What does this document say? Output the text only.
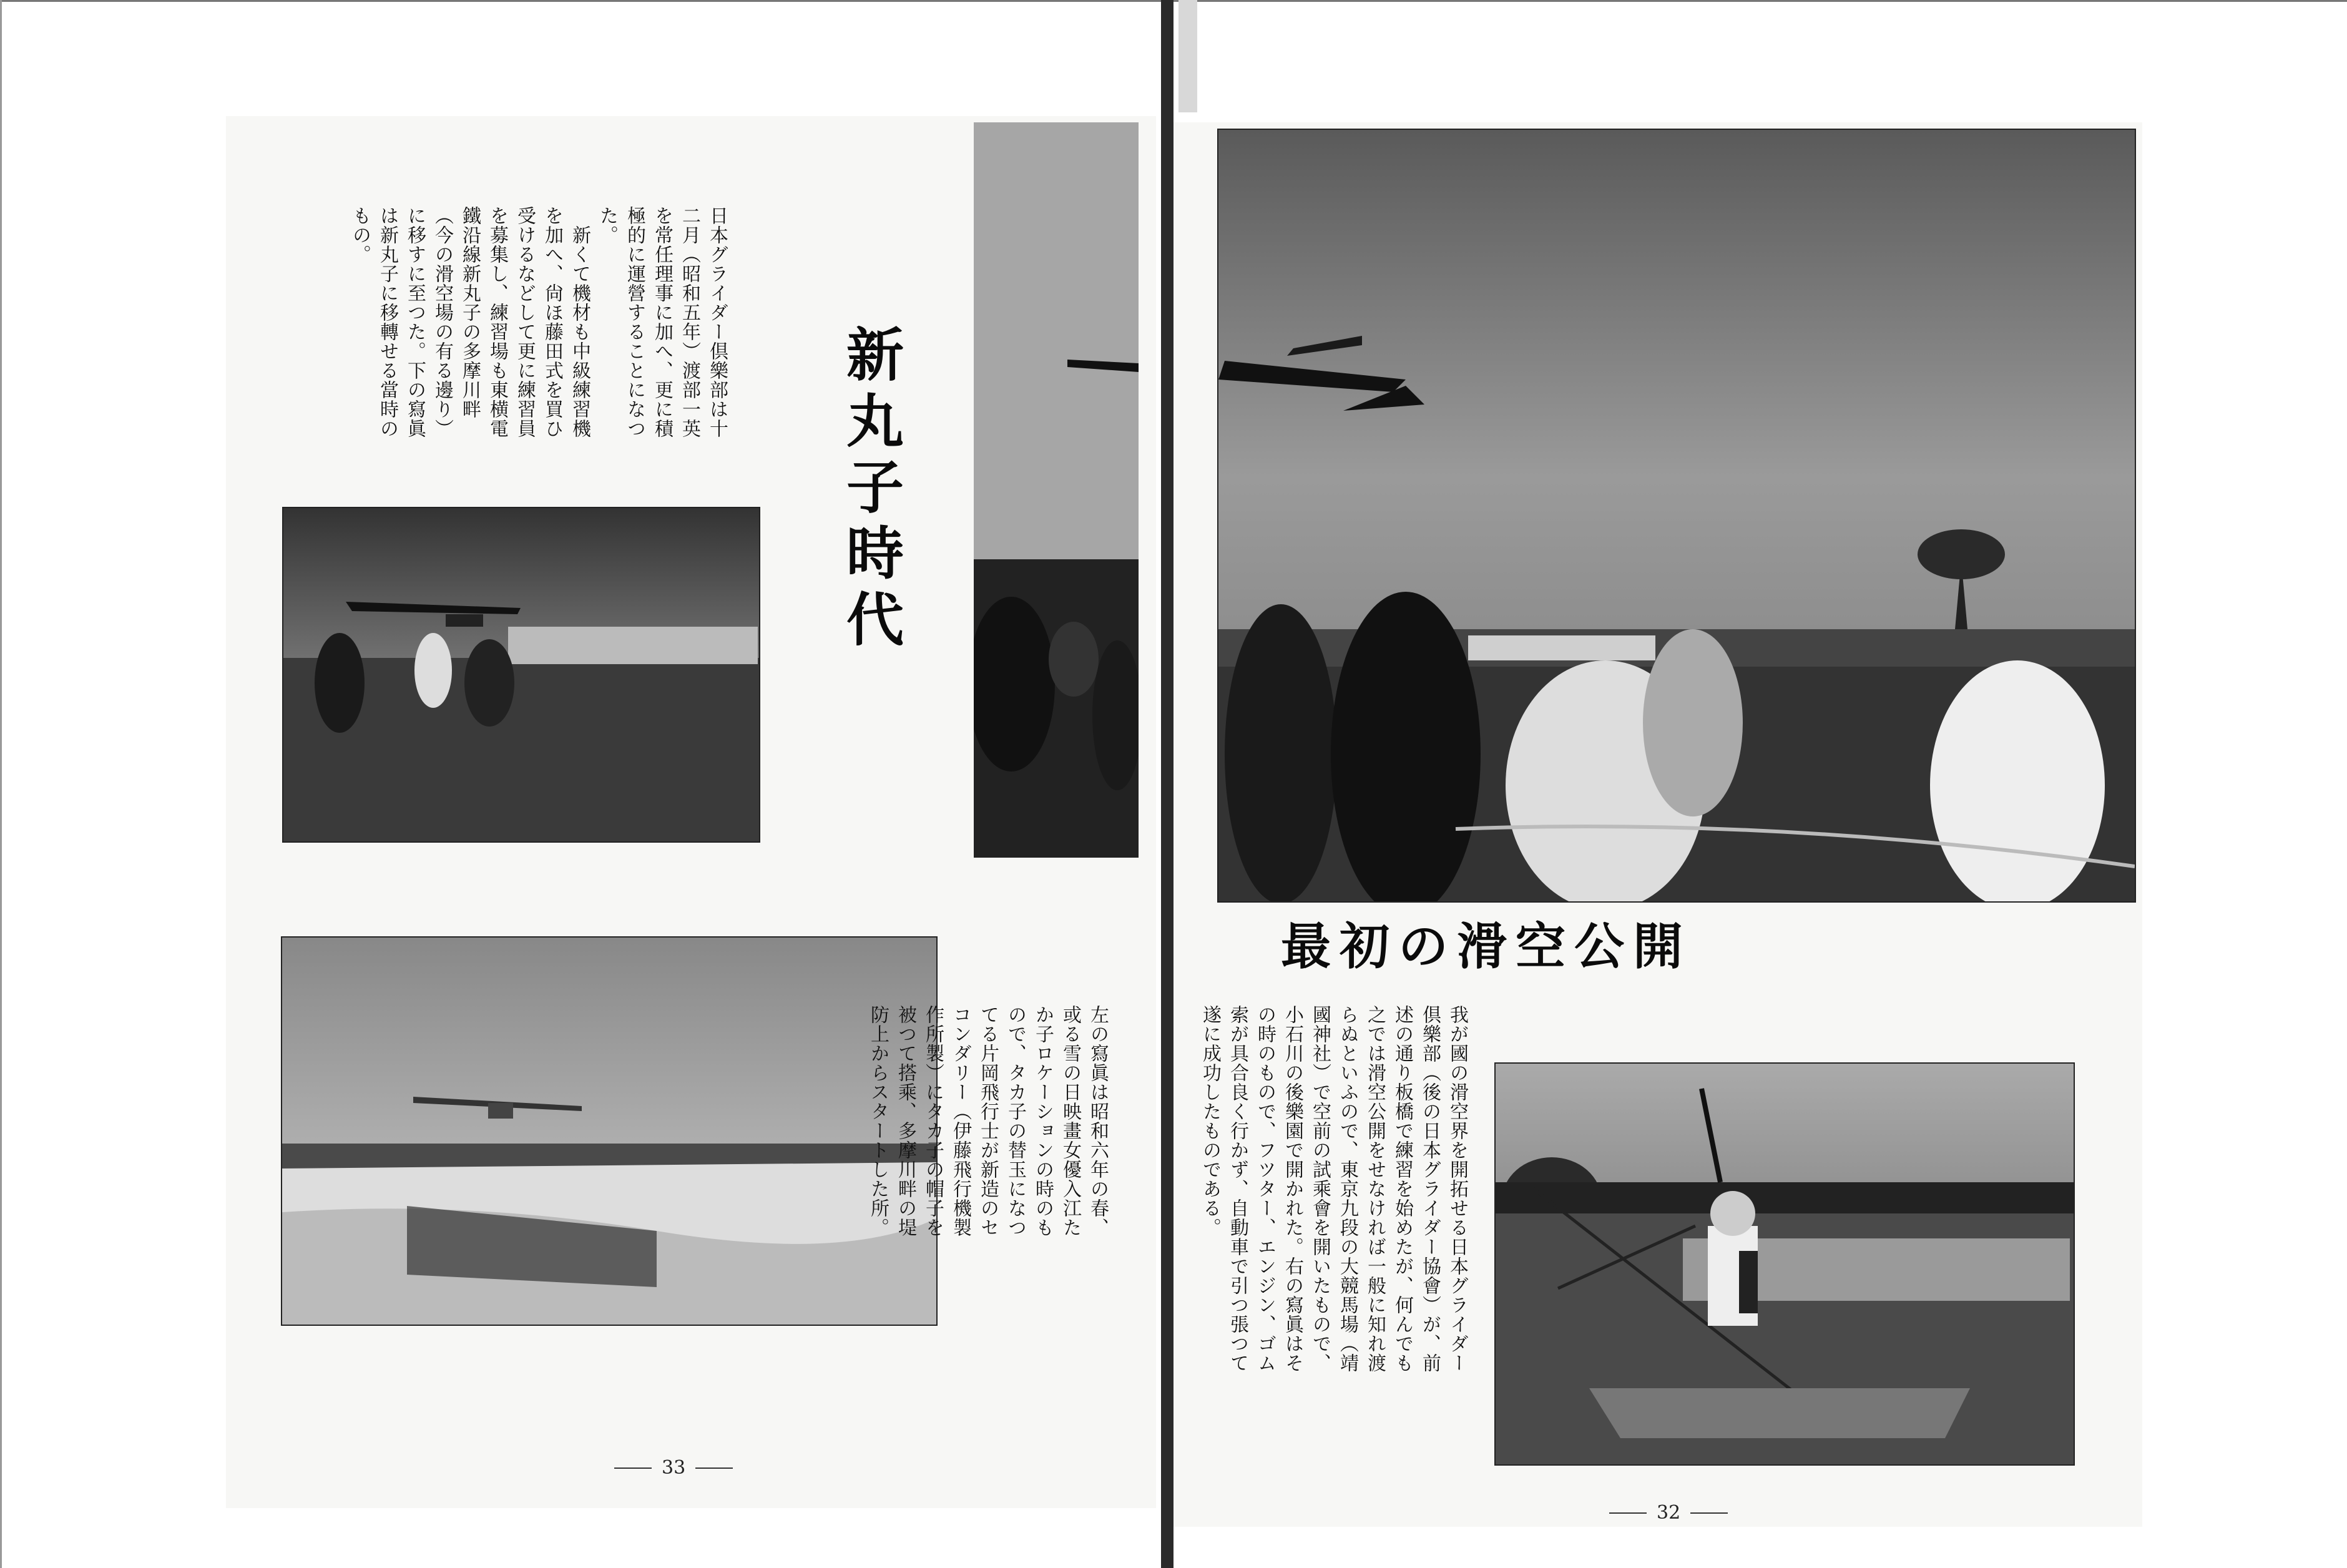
日本グライダー倶樂部は十二月（昭和五年）渡部一英を常任理事に加へ、更に積極的に運營することになつた。
　新くて機材も中級練習機を加へ、尙ほ藤田式を買ひ受けるなどして更に練習員を募集し、練習場も東横電鐵沿線新丸子の多摩川畔（今の滑空場の有る邊り）に移すに至つた。下の寫眞は新丸子に移轉せる當時のもの。
新丸子時代
左の寫眞は昭和六年の春、或る雪の日映畫女優入江たか子ロケーションの時のもので、タカ子の替玉になつてる片岡飛行士が新造のセコンダリー（伊藤飛行機製作所製）にタカ子の帽子を被つて搭乘、多摩川畔の堤防上からスタートした所。
33
最初の滑空公開
我が國の滑空界を開拓せる日本グライダー倶樂部（後の日本グライダー協會）が、前述の通り板橋で練習を始めたが、何んでも之では滑空公開をせなければ一般に知れ渡らぬといふので、東京九段の大競馬場（靖國神社）で空前の試乘會を開いたもので、小石川の後樂園で開かれた。右の寫眞はその時のもので、フツター、エンジン、ゴム索が具合良く行かず、自動車で引つ張つて遂に成功したものである。
32
